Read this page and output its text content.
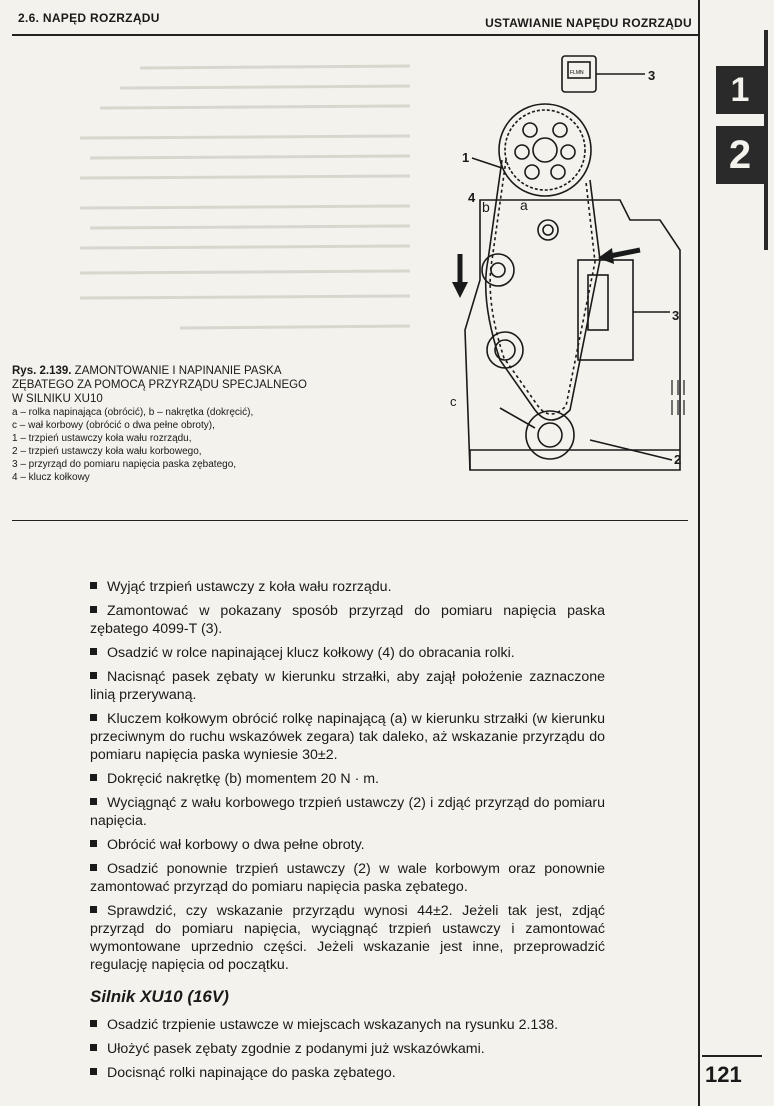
2.6. NAPĘD ROZRZĄDU	USTAWIANIE NAPĘDU ROZRZĄDU
1
2
FLMN	3
1
4
b a
3
c
2
Rys. 2.139. ZAMONTOWANIE I NAPINANIE PASKA
ZĘBATEGO ZA POMOCĄ PRZYRZĄDU SPECJALNEGO
W SILNIKU XU10
a – rolka napinająca (obrócić), b – nakrętka (dokręcić),
c – wał korbowy (obrócić o dwa pełne obroty),
1 – trzpień ustawczy koła wału rozrządu,
2 – trzpień ustawczy koła wału korbowego,
3 – przyrząd do pomiaru napięcia paska zębatego,
4 – klucz kołkowy

Wyjąć trzpień ustawczy z koła wału rozrządu.

Zamontować w pokazany sposób przyrząd do pomiaru napięcia paska zębatego 4099-T (3).

Osadzić w rolce napinającej klucz kołkowy (4) do obracania rolki.

Nacisnąć pasek zębaty w kierunku strzałki, aby zajął położenie zaznaczone linią przerywaną.

Kluczem kołkowym obrócić rolkę napinającą (a) w kierunku strzałki (w kierunku przeciwnym do ruchu wskazówek zegara) tak daleko, aż wskazanie przyrządu do pomiaru napięcia paska wyniesie 30±2.

Dokręcić nakrętkę (b) momentem 20 N · m.

Wyciągnąć z wału korbowego trzpień ustawczy (2) i zdjąć przyrząd do pomiaru napięcia.

Obrócić wał korbowy o dwa pełne obroty.

Osadzić ponownie trzpień ustawczy (2) w wale korbowym oraz ponownie zamontować przyrząd do pomiaru napięcia paska zębatego.

Sprawdzić, czy wskazanie przyrządu wynosi 44±2. Jeżeli tak jest, zdjąć przyrząd do pomiaru napięcia, wyciągnąć trzpień ustawczy i zamontować wymontowane uprzednio części. Jeżeli wskazanie jest inne, przeprowadzić regulację napięcia od początku.

Silnik XU10 (16V)

Osadzić trzpienie ustawcze w miejscach wskazanych na rysunku 2.138.

Ułożyć pasek zębaty zgodnie z podanymi już wskazówkami.

Docisnąć rolki napinające do paska zębatego.	121
